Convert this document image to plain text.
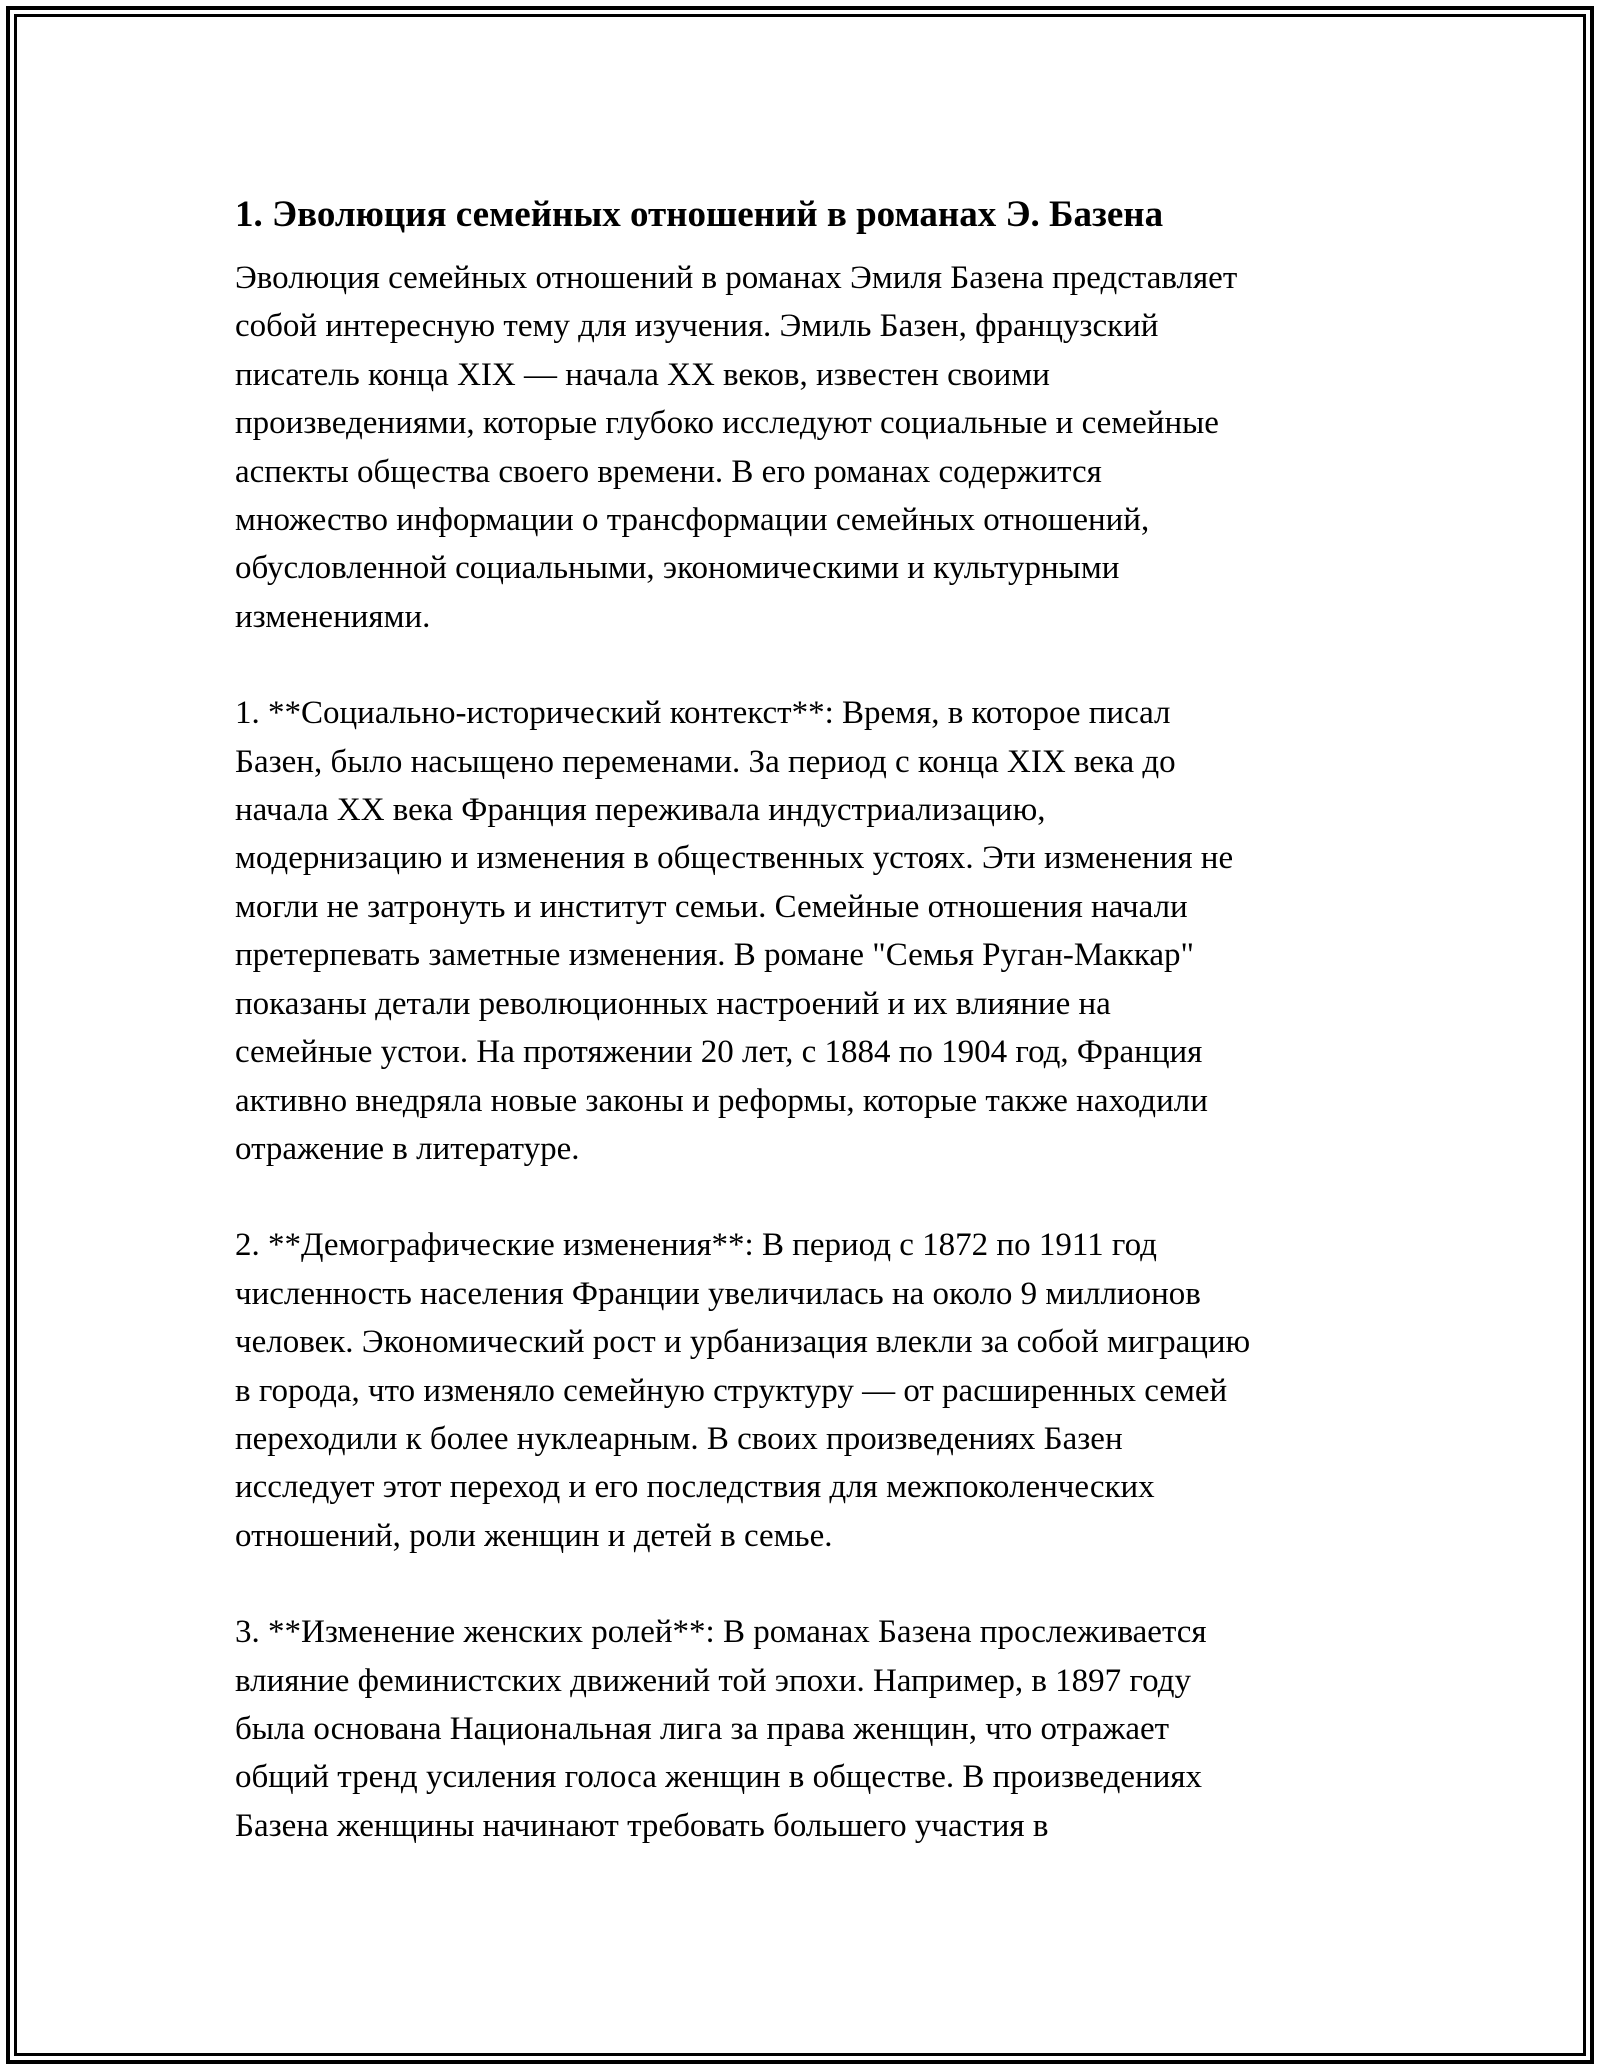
1. Эволюция семейных отношений в романах Э. Базена

Эволюция семейных отношений в романах Эмиля Базена представляет
собой интересную тему для изучения. Эмиль Базен, французский
писатель конца XIX — начала XX веков, известен своими
произведениями, которые глубоко исследуют социальные и семейные
аспекты общества своего времени. В его романах содержится
множество информации о трансформации семейных отношений,
обусловленной социальными, экономическими и культурными
изменениями.

1. **Социально-исторический контекст**: Время, в которое писал
Базен, было насыщено переменами. За период с конца XIX века до
начала XX века Франция переживала индустриализацию,
модернизацию и изменения в общественных устоях. Эти изменения не
могли не затронуть и институт семьи. Семейные отношения начали
претерпевать заметные изменения. В романе "Семья Руган-Маккар"
показаны детали революционных настроений и их влияние на
семейные устои. На протяжении 20 лет, с 1884 по 1904 год, Франция
активно внедряла новые законы и реформы, которые также находили
отражение в литературе.

2. **Демографические изменения**: В период с 1872 по 1911 год
численность населения Франции увеличилась на около 9 миллионов
человек. Экономический рост и урбанизация влекли за собой миграцию
в города, что изменяло семейную структуру — от расширенных семей
переходили к более нуклеарным. В своих произведениях Базен
исследует этот переход и его последствия для межпоколенческих
отношений, роли женщин и детей в семье.

3. **Изменение женских ролей**: В романах Базена прослеживается
влияние феминистских движений той эпохи. Например, в 1897 году
была основана Национальная лига за права женщин, что отражает
общий тренд усиления голоса женщин в обществе. В произведениях
Базена женщины начинают требовать большего участия в
